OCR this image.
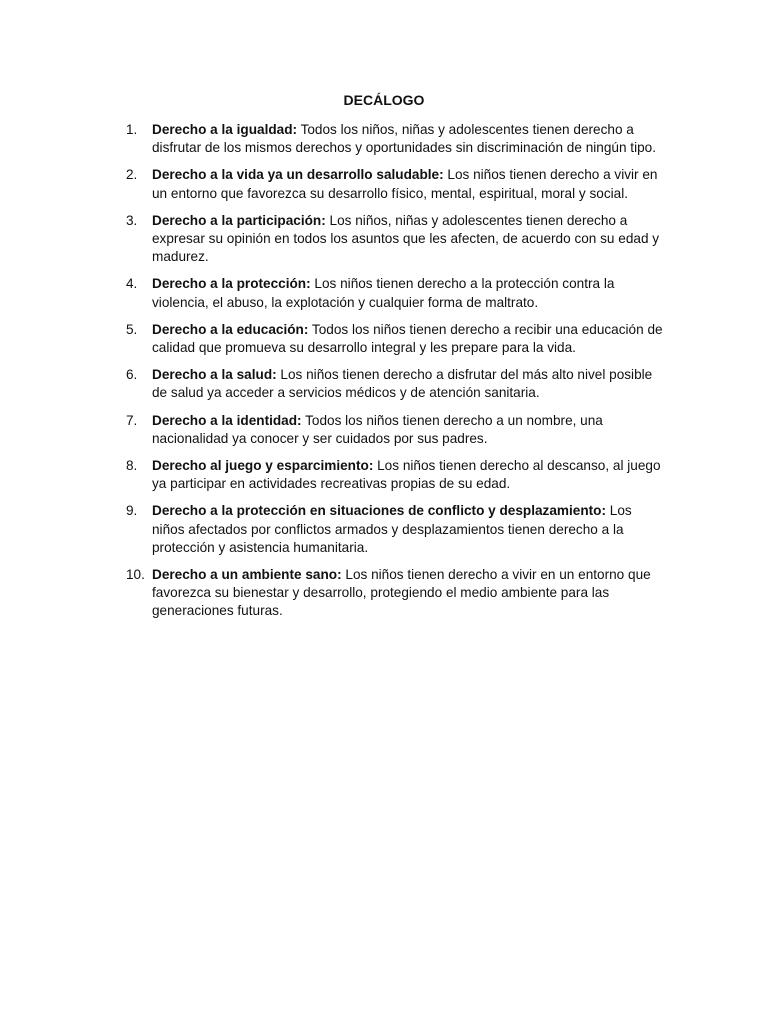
DECÁLOGO
1.	Derecho a la igualdad: Todos los niños, niñas y adolescentes tienen derecho a disfrutar de los mismos derechos y oportunidades sin discriminación de ningún tipo.
2.	Derecho a la vida ya un desarrollo saludable: Los niños tienen derecho a vivir en un entorno que favorezca su desarrollo físico, mental, espiritual, moral y social.
3.	Derecho a la participación: Los niños, niñas y adolescentes tienen derecho a expresar su opinión en todos los asuntos que les afecten, de acuerdo con su edad y madurez.
4.	Derecho a la protección: Los niños tienen derecho a la protección contra la violencia, el abuso, la explotación y cualquier forma de maltrato.
5.	Derecho a la educación: Todos los niños tienen derecho a recibir una educación de calidad que promueva su desarrollo integral y les prepare para la vida.
6.	Derecho a la salud: Los niños tienen derecho a disfrutar del más alto nivel posible de salud ya acceder a servicios médicos y de atención sanitaria.
7.	Derecho a la identidad: Todos los niños tienen derecho a un nombre, una nacionalidad ya conocer y ser cuidados por sus padres.
8.	Derecho al juego y esparcimiento: Los niños tienen derecho al descanso, al juego ya participar en actividades recreativas propias de su edad.
9.	Derecho a la protección en situaciones de conflicto y desplazamiento: Los niños afectados por conflictos armados y desplazamientos tienen derecho a la protección y asistencia humanitaria.
10. Derecho a un ambiente sano: Los niños tienen derecho a vivir en un entorno que favorezca su bienestar y desarrollo, protegiendo el medio ambiente para las generaciones futuras.
